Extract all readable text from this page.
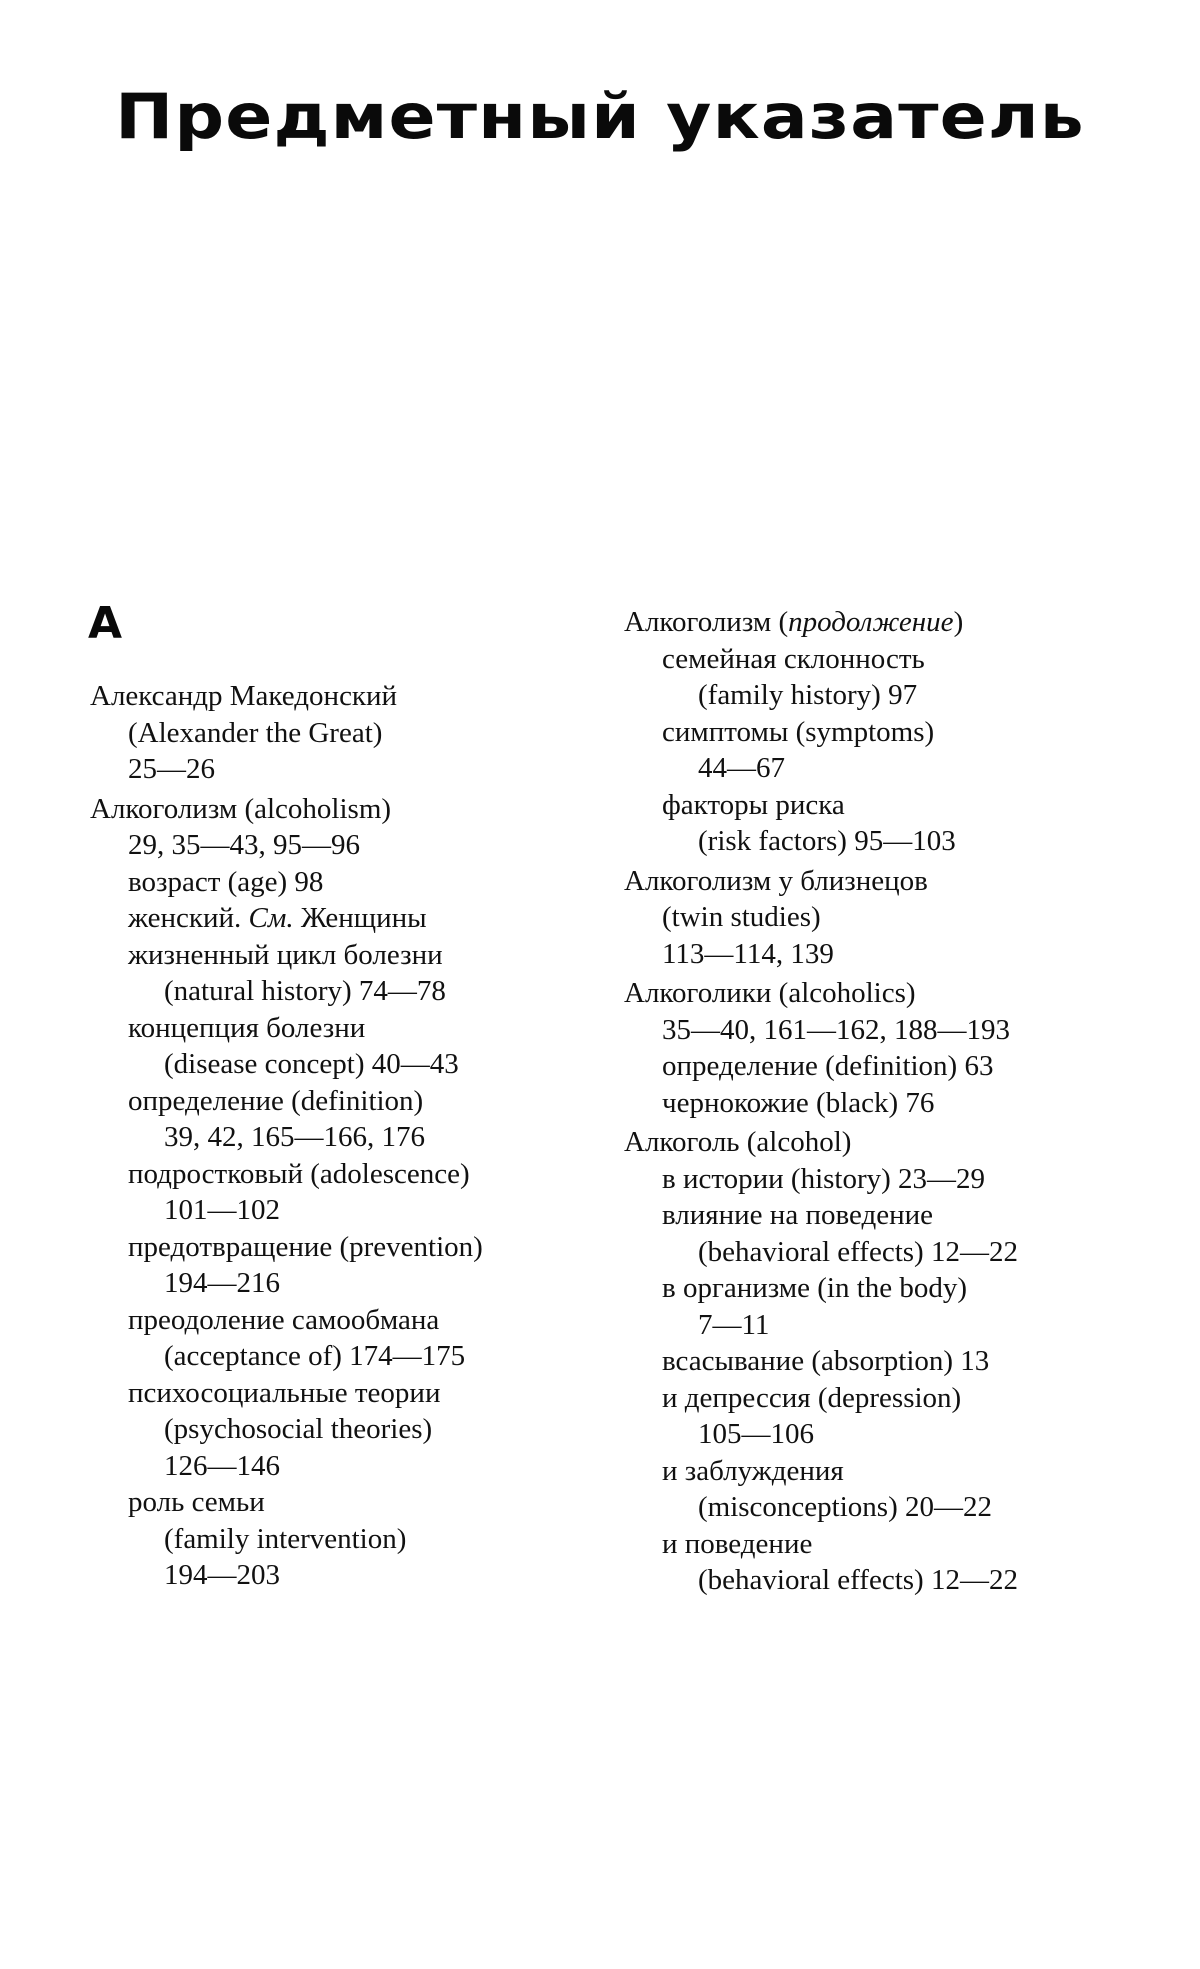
Предметный указатель
А
Александр Македонский
(Alexander the Great)
25—26
Алкоголизм (alcoholism)
29, 35—43, 95—96
возраст (age) 98
женский. См. Женщины
жизненный цикл болезни
(natural history) 74—78
концепция болезни
(disease concept) 40—43
определение (definition)
39, 42, 165—166, 176
подростковый (adolescence)
101—102
предотвращение (prevention)
194—216
преодоление самообмана
(acceptance of) 174—175
психосоциальные теории
(psychosocial theories)
126—146
роль семьи
(family intervention)
194—203
Алкоголизм (продолжение)
семейная склонность
(family history) 97
симптомы (symptoms)
44—67
факторы риска
(risk factors) 95—103
Алкоголизм у близнецов
(twin studies)
113—114, 139
Алкоголики (alcoholics)
35—40, 161—162, 188—193
определение (definition) 63
чернокожие (black) 76
Алкоголь (alcohol)
в истории (history) 23—29
влияние на поведение
(behavioral effects) 12—22
в организме (in the body)
7—11
всасывание (absorption) 13
и депрессия (depression)
105—106
и заблуждения
(misconceptions) 20—22
и поведение
(behavioral effects) 12—22
